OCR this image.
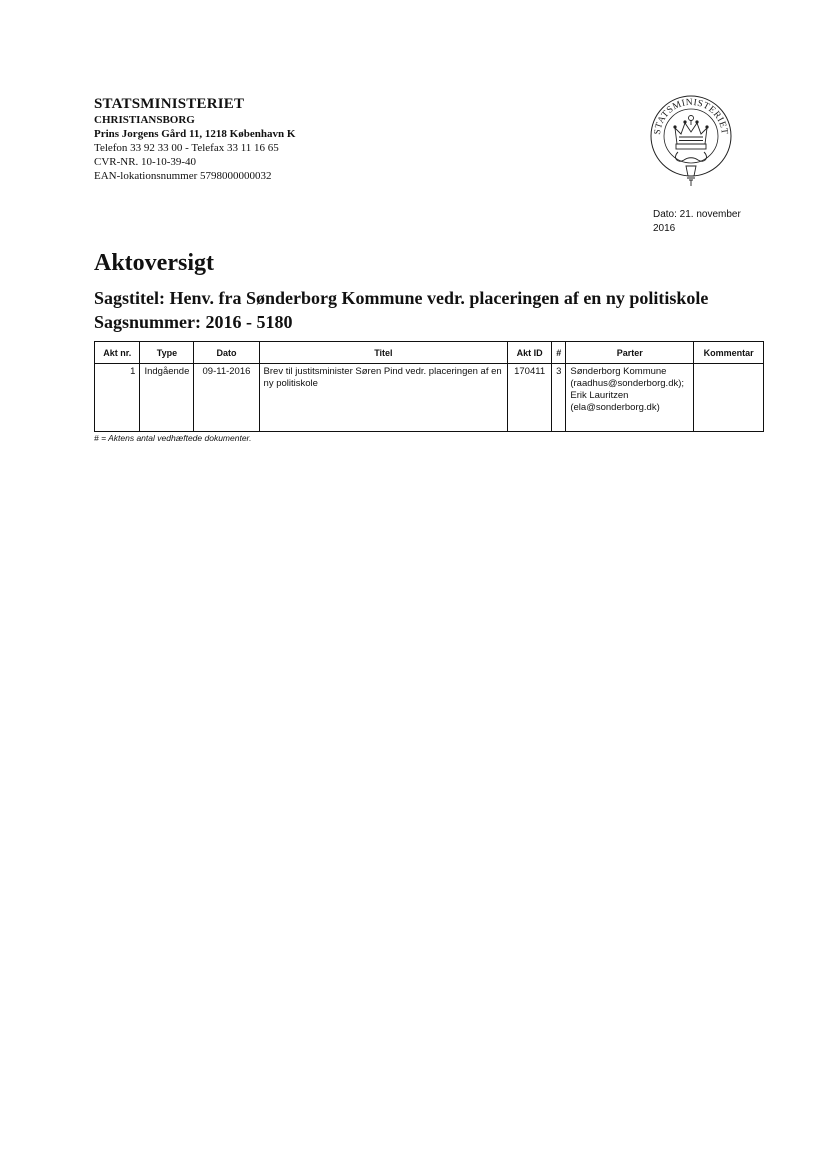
STATSMINISTERIET
CHRISTIANSBORG
Prins Jorgens Gård 11, 1218 København K
Telefon 33 92 33 00 - Telefax 33 11 16 65
CVR-NR. 10-10-39-40
EAN-lokationsnummer 5798000000032
STATSMINISTERIET
Dato: 21. november
2016
Aktoversigt
Sagstitel: Henv. fra Sønderborg Kommune vedr. placeringen af en ny politiskole
Sagsnummer: 2016 - 5180
Akt nr.	Type	Dato	Titel	Akt ID	#	Parter	Kommentar
1	Indgående	09-11-2016	Brev til justitsminister Søren Pind vedr. placeringen af en ny politiskole	170411	3	Sønderborg Kommune (raadhus@sonderborg.dk); Erik Lauritzen (ela@sonderborg.dk)	
# = Aktens antal vedhæftede dokumenter.
